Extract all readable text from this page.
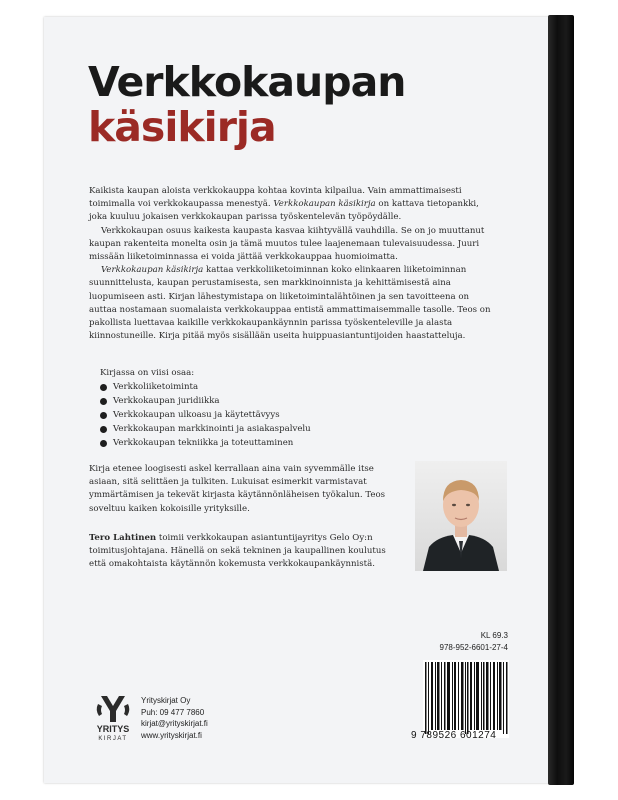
Verkkokaupan
käsikirja

Kaikista kaupan aloista verkkokauppa kohtaa kovinta kilpailua. Vain ammattimaisesti toimimalla voi verkkokaupassa menestyä. Verkkokaupan käsikirja on kattava tietopankki, joka kuuluu jokaisen verkkokaupan parissa työskentelevän työpöydälle.

Verkkokaupan osuus kaikesta kaupasta kasvaa kiihtyvällä vauhdilla. Se on jo muuttanut kaupan rakenteita monelta osin ja tämä muutos tulee laajenemaan tulevaisuudessa. Juuri missään liiketoiminnassa ei voida jättää verkkokauppaa huomioimatta.

Verkkokaupan käsikirja kattaa verkkoliiketoiminnan koko elinkaaren liiketoiminnan suunnittelusta, kaupan perustamisesta, sen markkinoinnista ja kehittämisestä aina luopumiseen asti. Kirjan lähestymistapa on liiketoimintalähtöinen ja sen tavoitteena on auttaa nostamaan suomalaista verkkokauppaa entistä ammattimaisemmalle tasolle. Teos on pakollista luettavaa kaikille verkkokaupankäynnin parissa työskenteleville ja alasta kiinnostuneille. Kirja pitää myös sisällään useita huippuasiantuntijoiden haastatteluja.

Kirjassa on viisi osaa:
Verkkoliiketoiminta
Verkkokaupan juridiikka
Verkkokaupan ulkoasu ja käytettävyys
Verkkokaupan markkinointi ja asiakaspalvelu
Verkkokaupan tekniikka ja toteuttaminen
Kirja etenee loogisesti askel kerrallaan aina vain syvemmälle itse asiaan, sitä selittäen ja tulkiten. Lukuisat esimerkit varmistavat ymmärtämisen ja tekevät kirjasta käytännönläheisen työkalun. Teos soveltuu kaiken kokoisille yrityksille.

Tero Lahtinen toimii verkkokaupan asiantuntijayritys Gelo Oy:n toimitusjohtajana. Hänellä on sekä tekninen ja kaupallinen koulutus että omakohtaista käytännön kokemusta verkkokaupankäynnistä.

KL 69.3
978-952-6601-27-4
9 789526 601274
YRITYS
KIRJAT
Yrityskirjat Oy
Puh: 09 477 7860
kirjat@yrityskirjat.fi
www.yrityskirjat.fi
